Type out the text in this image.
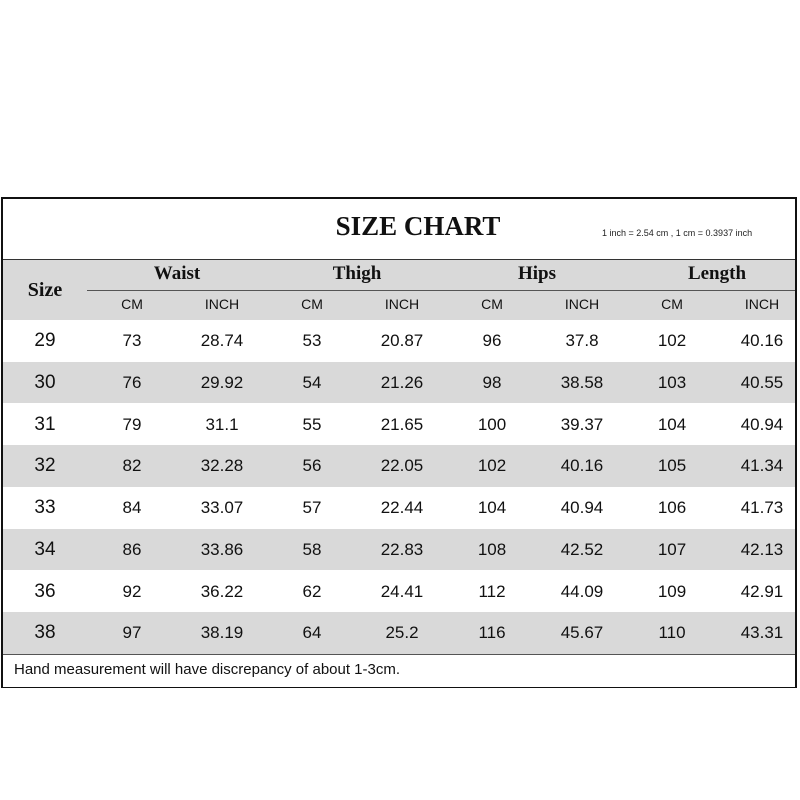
SIZE CHART	1 inch = 2.54 cm , 1 cm = 0.3937 inch
Size
Waist	Thigh	Hips	Length
CM	INCH	CM	INCH	CM	INCH	CM	INCH
29	73	28.74	53	20.87	96	37.8	102	40.16
30	76	29.92	54	21.26	98	38.58	103	40.55
31	79	31.1	55	21.65	100	39.37	104	40.94
32	82	32.28	56	22.05	102	40.16	105	41.34
33	84	33.07	57	22.44	104	40.94	106	41.73
34	86	33.86	58	22.83	108	42.52	107	42.13
36	92	36.22	62	24.41	112	44.09	109	42.91
38	97	38.19	64	25.2	116	45.67	110	43.31
Hand measurement will have discrepancy of about 1-3cm.
